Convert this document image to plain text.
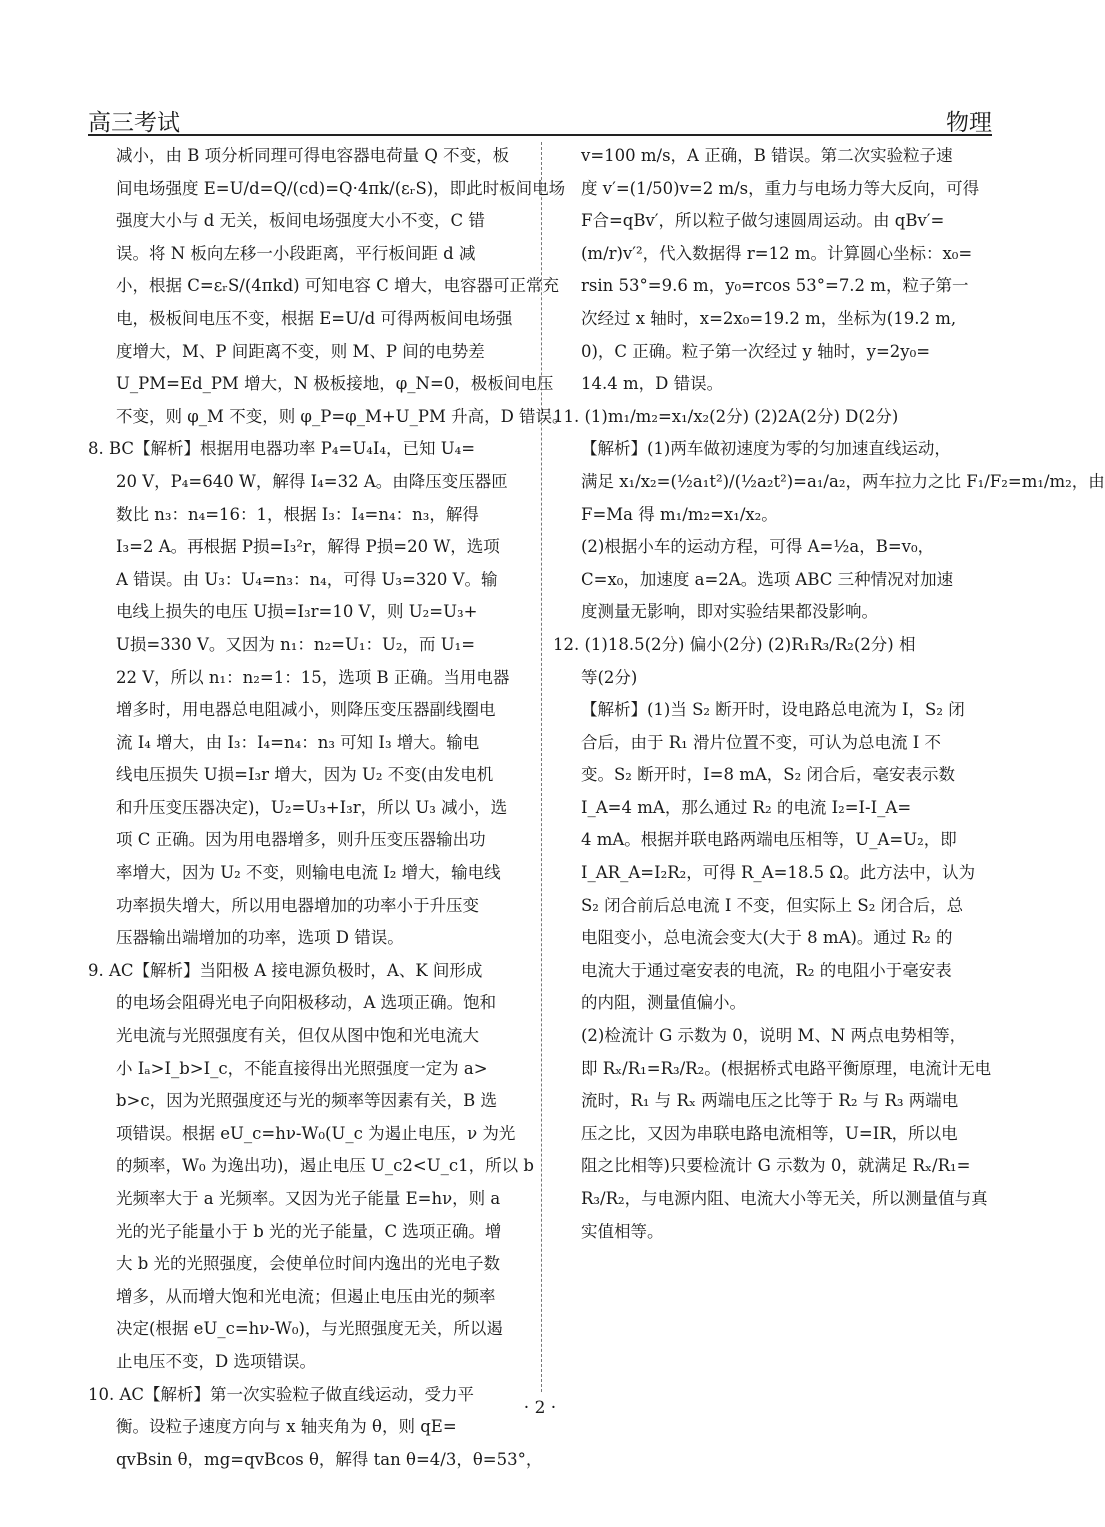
高三考试	物理

减小，由 B 项分析同理可得电容器电荷量 Q 不变，板

间电场强度 E=U/d=Q/(cd)=Q·4πk/(εᵣS)，即此时板间电场

强度大小与 d 无关，板间电场强度大小不变，C 错

误。将 N 板向左移一小段距离，平行板间距 d 减

小，根据 C=εᵣS/(4πkd) 可知电容 C 增大，电容器可正常充

电，极板间电压不变，根据 E=U/d 可得两板间电场强

度增大，M、P 间距离不变，则 M、P 间的电势差

U_PM=Ed_PM 增大，N 极板接地，φ_N=0，极板间电压

不变，则 φ_M 不变，则 φ_P=φ_M+U_PM 升高，D 错误。

8. BC【解析】根据用电器功率 P₄=U₄I₄，已知 U₄=

20 V，P₄=640 W，解得 I₄=32 A。由降压变压器匝

数比 n₃：n₄=16：1，根据 I₃：I₄=n₄：n₃，解得

I₃=2 A。再根据 P损=I₃²r，解得 P损=20 W，选项

A 错误。由 U₃：U₄=n₃：n₄，可得 U₃=320 V。输

电线上损失的电压 U损=I₃r=10 V，则 U₂=U₃+

U损=330 V。又因为 n₁：n₂=U₁：U₂，而 U₁=

22 V，所以 n₁：n₂=1：15，选项 B 正确。当用电器

增多时，用电器总电阻减小，则降压变压器副线圈电

流 I₄ 增大，由 I₃：I₄=n₄：n₃ 可知 I₃ 增大。输电

线电压损失 U损=I₃r 增大，因为 U₂ 不变(由发电机

和升压变压器决定)，U₂=U₃+I₃r，所以 U₃ 减小，选

项 C 正确。因为用电器增多，则升压变压器输出功

率增大，因为 U₂ 不变，则输电电流 I₂ 增大，输电线

功率损失增大，所以用电器增加的功率小于升压变

压器输出端增加的功率，选项 D 错误。

9. AC【解析】当阳极 A 接电源负极时，A、K 间形成

的电场会阻碍光电子向阳极移动，A 选项正确。饱和

光电流与光照强度有关，但仅从图中饱和光电流大

小 Iₐ>I_b>I_c，不能直接得出光照强度一定为 a>

b>c，因为光照强度还与光的频率等因素有关，B 选

项错误。根据 eU_c=hν-W₀(U_c 为遏止电压，ν 为光

的频率，W₀ 为逸出功)，遏止电压 U_c2<U_c1，所以 b

光频率大于 a 光频率。又因为光子能量 E=hν，则 a

光的光子能量小于 b 光的光子能量，C 选项正确。增

大 b 光的光照强度，会使单位时间内逸出的光电子数

增多，从而增大饱和光电流；但遏止电压由光的频率

决定(根据 eU_c=hν-W₀)，与光照强度无关，所以遏

止电压不变，D 选项错误。

10. AC【解析】第一次实验粒子做直线运动，受力平

衡。设粒子速度方向与 x 轴夹角为 θ，则 qE=

qvBsin θ，mg=qvBcos θ，解得 tan θ=4/3，θ=53°，

v=100 m/s，A 正确，B 错误。第二次实验粒子速

度 v′=(1/50)v=2 m/s，重力与电场力等大反向，可得

F合=qBv′，所以粒子做匀速圆周运动。由 qBv′=

(m/r)v′²，代入数据得 r=12 m。计算圆心坐标：x₀=

rsin 53°=9.6 m，y₀=rcos 53°=7.2 m，粒子第一

次经过 x 轴时，x=2x₀=19.2 m，坐标为(19.2 m,

0)，C 正确。粒子第一次经过 y 轴时，y=2y₀=

14.4 m，D 错误。

11. (1)m₁/m₂=x₁/x₂(2分) (2)2A(2分) D(2分)

【解析】(1)两车做初速度为零的匀加速直线运动，

满足 x₁/x₂=(½a₁t²)/(½a₂t²)=a₁/a₂，两车拉力之比 F₁/F₂=m₁/m₂，由

F=Ma 得 m₁/m₂=x₁/x₂。

(2)根据小车的运动方程，可得 A=½a，B=v₀，

C=x₀，加速度 a=2A。选项 ABC 三种情况对加速

度测量无影响，即对实验结果都没影响。

12. (1)18.5(2分) 偏小(2分) (2)R₁R₃/R₂(2分) 相

等(2分)

【解析】(1)当 S₂ 断开时，设电路总电流为 I，S₂ 闭

合后，由于 R₁ 滑片位置不变，可认为总电流 I 不

变。S₂ 断开时，I=8 mA，S₂ 闭合后，毫安表示数

I_A=4 mA，那么通过 R₂ 的电流 I₂=I-I_A=

4 mA。根据并联电路两端电压相等，U_A=U₂，即

I_AR_A=I₂R₂，可得 R_A=18.5 Ω。此方法中，认为

S₂ 闭合前后总电流 I 不变，但实际上 S₂ 闭合后，总

电阻变小，总电流会变大(大于 8 mA)。通过 R₂ 的

电流大于通过毫安表的电流，R₂ 的电阻小于毫安表

的内阻，测量值偏小。

(2)检流计 G 示数为 0，说明 M、N 两点电势相等，

即 Rₓ/R₁=R₃/R₂。(根据桥式电路平衡原理，电流计无电

流时，R₁ 与 Rₓ 两端电压之比等于 R₂ 与 R₃ 两端电

压之比，又因为串联电路电流相等，U=IR，所以电

阻之比相等)只要检流计 G 示数为 0，就满足 Rₓ/R₁=

R₃/R₂，与电源内阻、电流大小等无关，所以测量值与真

实值相等。

· 2 ·
